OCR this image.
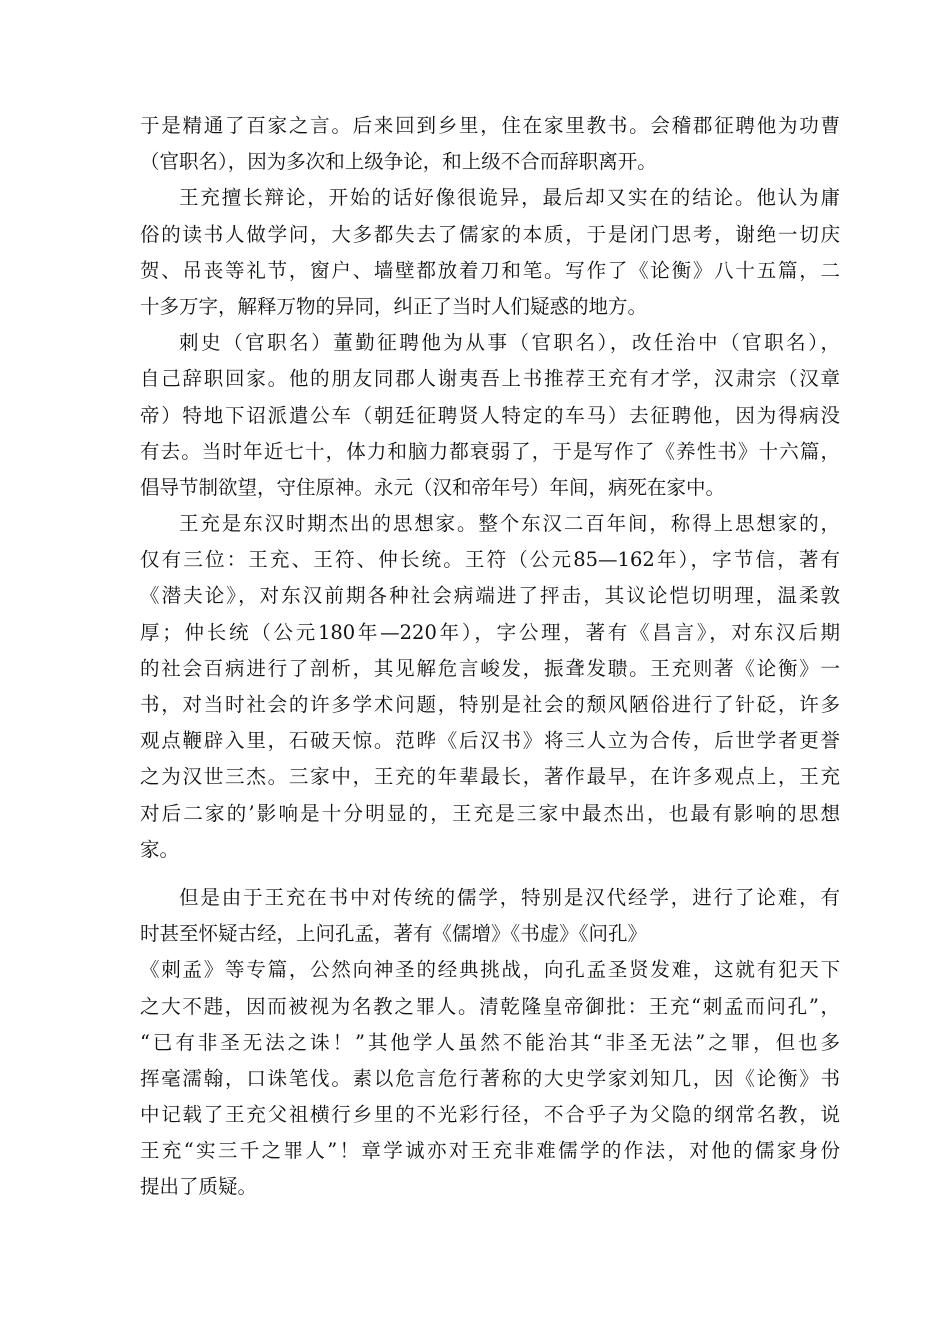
于是精通了百家之言。后来回到乡里，住在家里教书。会稽郡征聘他为功曹
（官职名），因为多次和上级争论，和上级不合而辞职离开。
王充擅长辩论，开始的话好像很诡异，最后却又实在的结论。他认为庸
俗的读书人做学问，大多都失去了儒家的本质，于是闭门思考，谢绝一切庆
贺、吊丧等礼节，窗户、墙壁都放着刀和笔。写作了《论衡》八十五篇，二
十多万字，解释万物的异同，纠正了当时人们疑惑的地方。
刺史（官职名）董勤征聘他为从事（官职名），改任治中（官职名），
自己辞职回家。他的朋友同郡人谢夷吾上书推荐王充有才学，汉肃宗（汉章
帝）特地下诏派遣公车（朝廷征聘贤人特定的车马）去征聘他，因为得病没
有去。当时年近七十，体力和脑力都衰弱了，于是写作了《养性书》十六篇，
倡导节制欲望，守住原神。永元（汉和帝年号）年间，病死在家中。
王充是东汉时期杰出的思想家。整个东汉二百年间，称得上思想家的，
仅有三位：王充、王符、仲长统。王符（公元85—162年），字节信，著有
《潜夫论》，对东汉前期各种社会病端进了抨击，其议论恺切明理，温柔敦
厚；仲长统（公元180年—220年），字公理，著有《昌言》，对东汉后期
的社会百病进行了剖析，其见解危言峻发，振聋发聩。王充则著《论衡》一
书，对当时社会的许多学术问题，特别是社会的颓风陋俗进行了针砭，许多
观点鞭辟入里，石破天惊。范晔《后汉书》将三人立为合传，后世学者更誉
之为汉世三杰。三家中，王充的年辈最长，著作最早，在许多观点上，王充
对后二家的’影响是十分明显的，王充是三家中最杰出，也最有影响的思想
家。
但是由于王充在书中对传统的儒学，特别是汉代经学，进行了论难，有
时甚至怀疑古经，上问孔孟，著有《儒增》《书虚》《问孔》
《刺孟》等专篇，公然向神圣的经典挑战，向孔孟圣贤发难，这就有犯天下
之大不韪，因而被视为名教之罪人。清乾隆皇帝御批：王充“刺孟而问孔”，
“已有非圣无法之诛！”其他学人虽然不能治其“非圣无法”之罪，但也多
挥毫濡翰，口诛笔伐。素以危言危行著称的大史学家刘知几，因《论衡》书
中记载了王充父祖横行乡里的不光彩行径，不合乎子为父隐的纲常名教，说
王充“实三千之罪人”！章学诚亦对王充非难儒学的作法，对他的儒家身份
提出了质疑。
